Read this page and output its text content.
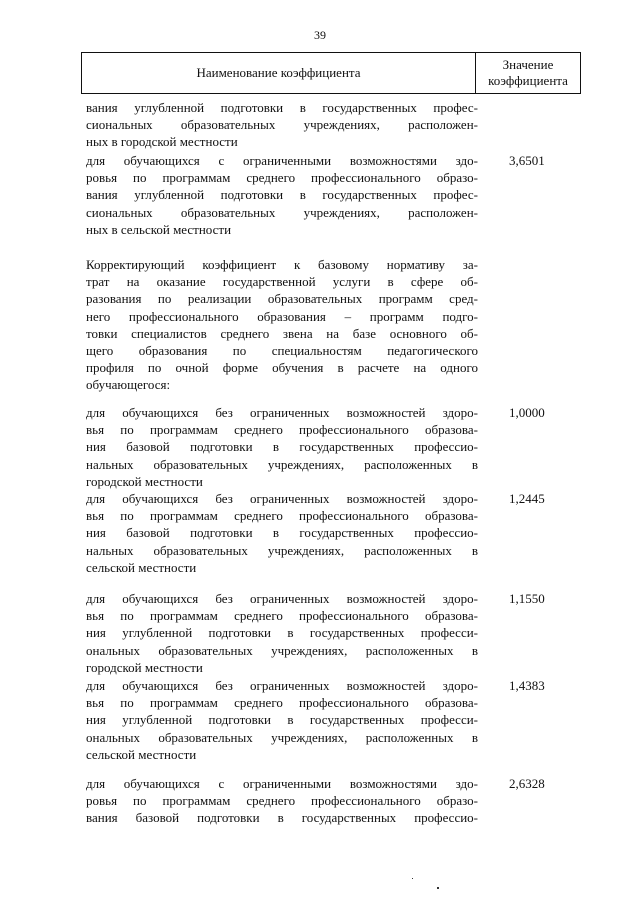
39
Наименование коэффициента
Значение
коэффициента
вания углубленной подготовки в государственных профес-
сиональных образовательных учреждениях, расположен-
ных в городской местности
для обучающихся с ограниченными возможностями здо-
ровья по программам среднего профессионального образо-
вания углубленной подготовки в государственных профес-
сиональных образовательных учреждениях, расположен-
ных в сельской местности
3,6501
Корректирующий коэффициент к базовому нормативу за-
трат на оказание государственной услуги в сфере об-
разования по реализации образовательных программ сред-
него профессионального образования – программ подго-
товки специалистов среднего звена на базе основного об-
щего образования по специальностям педагогического
профиля по очной форме обучения в расчете на одного
обучающегося:
для обучающихся без ограниченных возможностей здоро-
вья по программам среднего профессионального образова-
ния базовой подготовки в государственных профессио-
нальных образовательных учреждениях, расположенных в
городской местности
1,0000
для обучающихся без ограниченных возможностей здоро-
вья по программам среднего профессионального образова-
ния базовой подготовки в государственных профессио-
нальных образовательных учреждениях, расположенных в
сельской местности
1,2445
для обучающихся без ограниченных возможностей здоро-
вья по программам среднего профессионального образова-
ния углубленной подготовки в государственных професси-
ональных образовательных учреждениях, расположенных в
городской местности
1,1550
для обучающихся без ограниченных возможностей здоро-
вья по программам среднего профессионального образова-
ния углубленной подготовки в государственных професси-
ональных образовательных учреждениях, расположенных в
сельской местности
1,4383
для обучающихся с ограниченными возможностями здо-
ровья по программам среднего профессионального образо-
вания базовой подготовки в государственных профессио-
2,6328
